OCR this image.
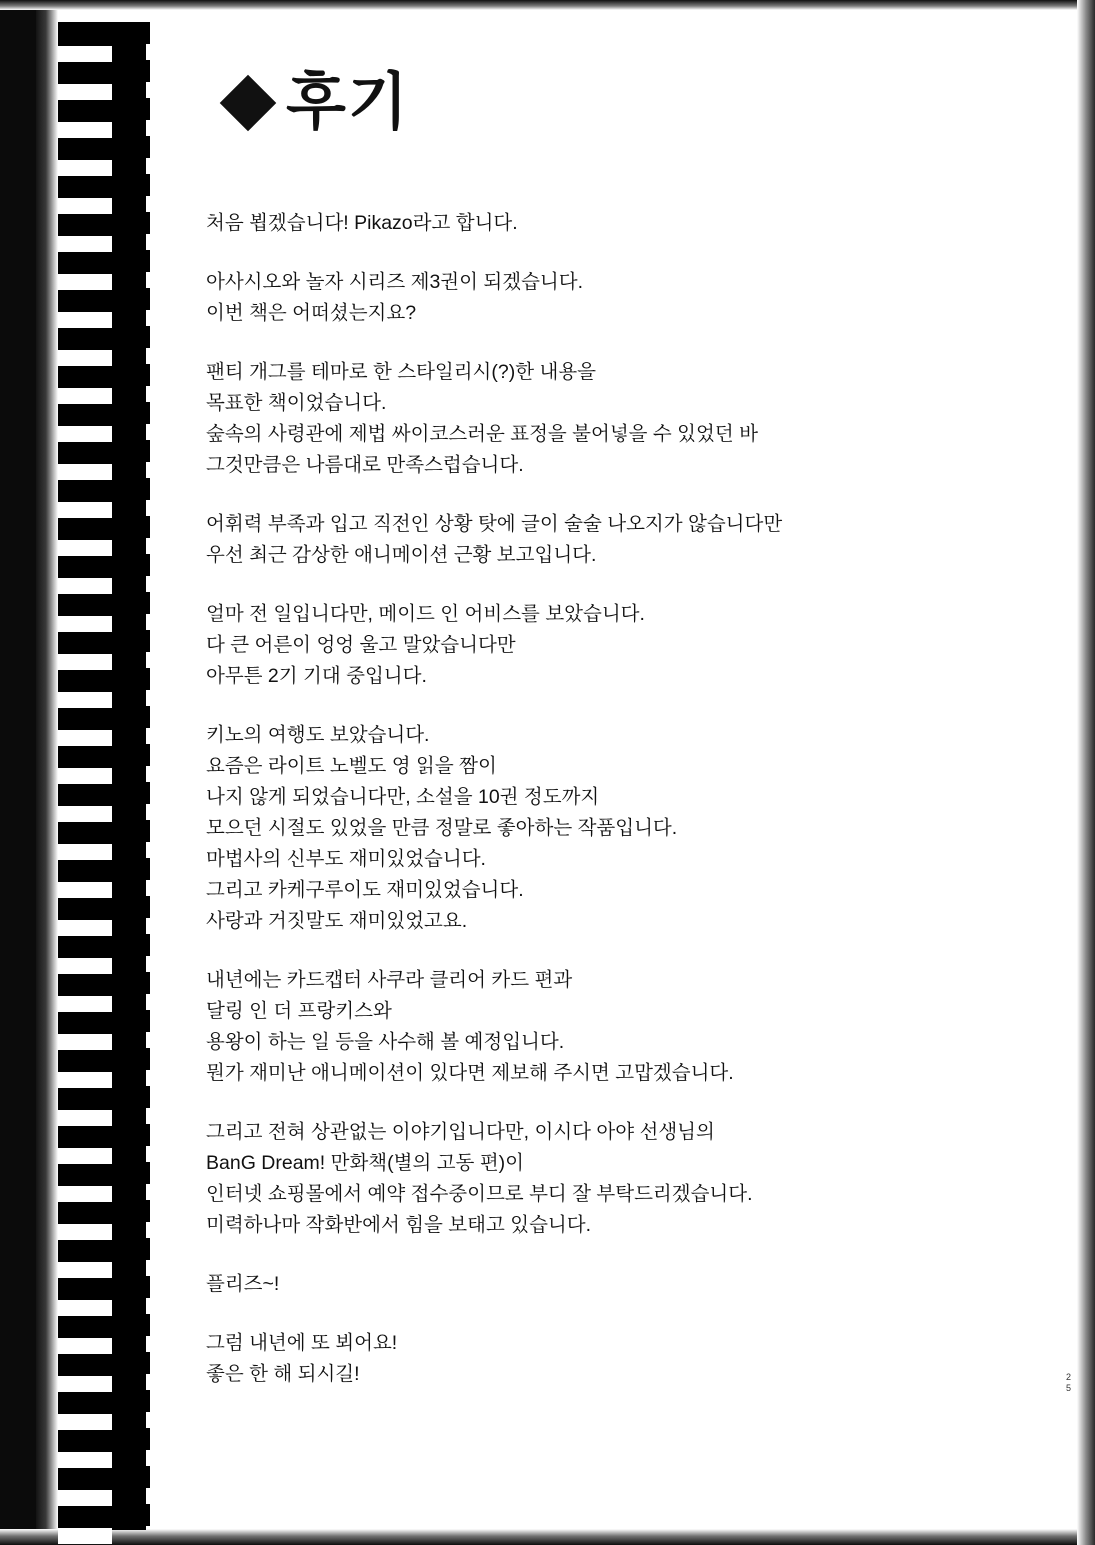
후기
처음 뵙겠습니다! Pikazo라고 합니다.
아사시오와 놀자 시리즈 제3권이 되겠습니다.
이번 책은 어떠셨는지요?
팬티 개그를 테마로 한 스타일리시(?)한 내용을
목표한 책이었습니다.
숲속의 사령관에 제법 싸이코스러운 표정을 불어넣을 수 있었던 바
그것만큼은 나름대로 만족스럽습니다.
어휘력 부족과 입고 직전인 상황 탓에 글이 술술 나오지가 않습니다만
우선 최근 감상한 애니메이션 근황 보고입니다.
얼마 전 일입니다만, 메이드 인 어비스를 보았습니다.
다 큰 어른이 엉엉 울고 말았습니다만
아무튼 2기 기대 중입니다.
키노의 여행도 보았습니다.
요즘은 라이트 노벨도 영 읽을 짬이
나지 않게 되었습니다만, 소설을 10권 정도까지
모으던 시절도 있었을 만큼 정말로 좋아하는 작품입니다.
마법사의 신부도 재미있었습니다.
그리고 카케구루이도 재미있었습니다.
사랑과 거짓말도 재미있었고요.
내년에는 카드캡터 사쿠라 클리어 카드 편과
달링 인 더 프랑키스와
용왕이 하는 일 등을 사수해 볼 예정입니다.
뭔가 재미난 애니메이션이 있다면 제보해 주시면 고맙겠습니다.
그리고 전혀 상관없는 이야기입니다만, 이시다 아야 선생님의
BanG Dream! 만화책(별의 고동 편)이
인터넷 쇼핑몰에서 예약 접수중이므로 부디 잘 부탁드리겠습니다.
미력하나마 작화반에서 힘을 보태고 있습니다.
플리즈~!
그럼 내년에 또 뵈어요!
좋은 한 해 되시길!	2
5
